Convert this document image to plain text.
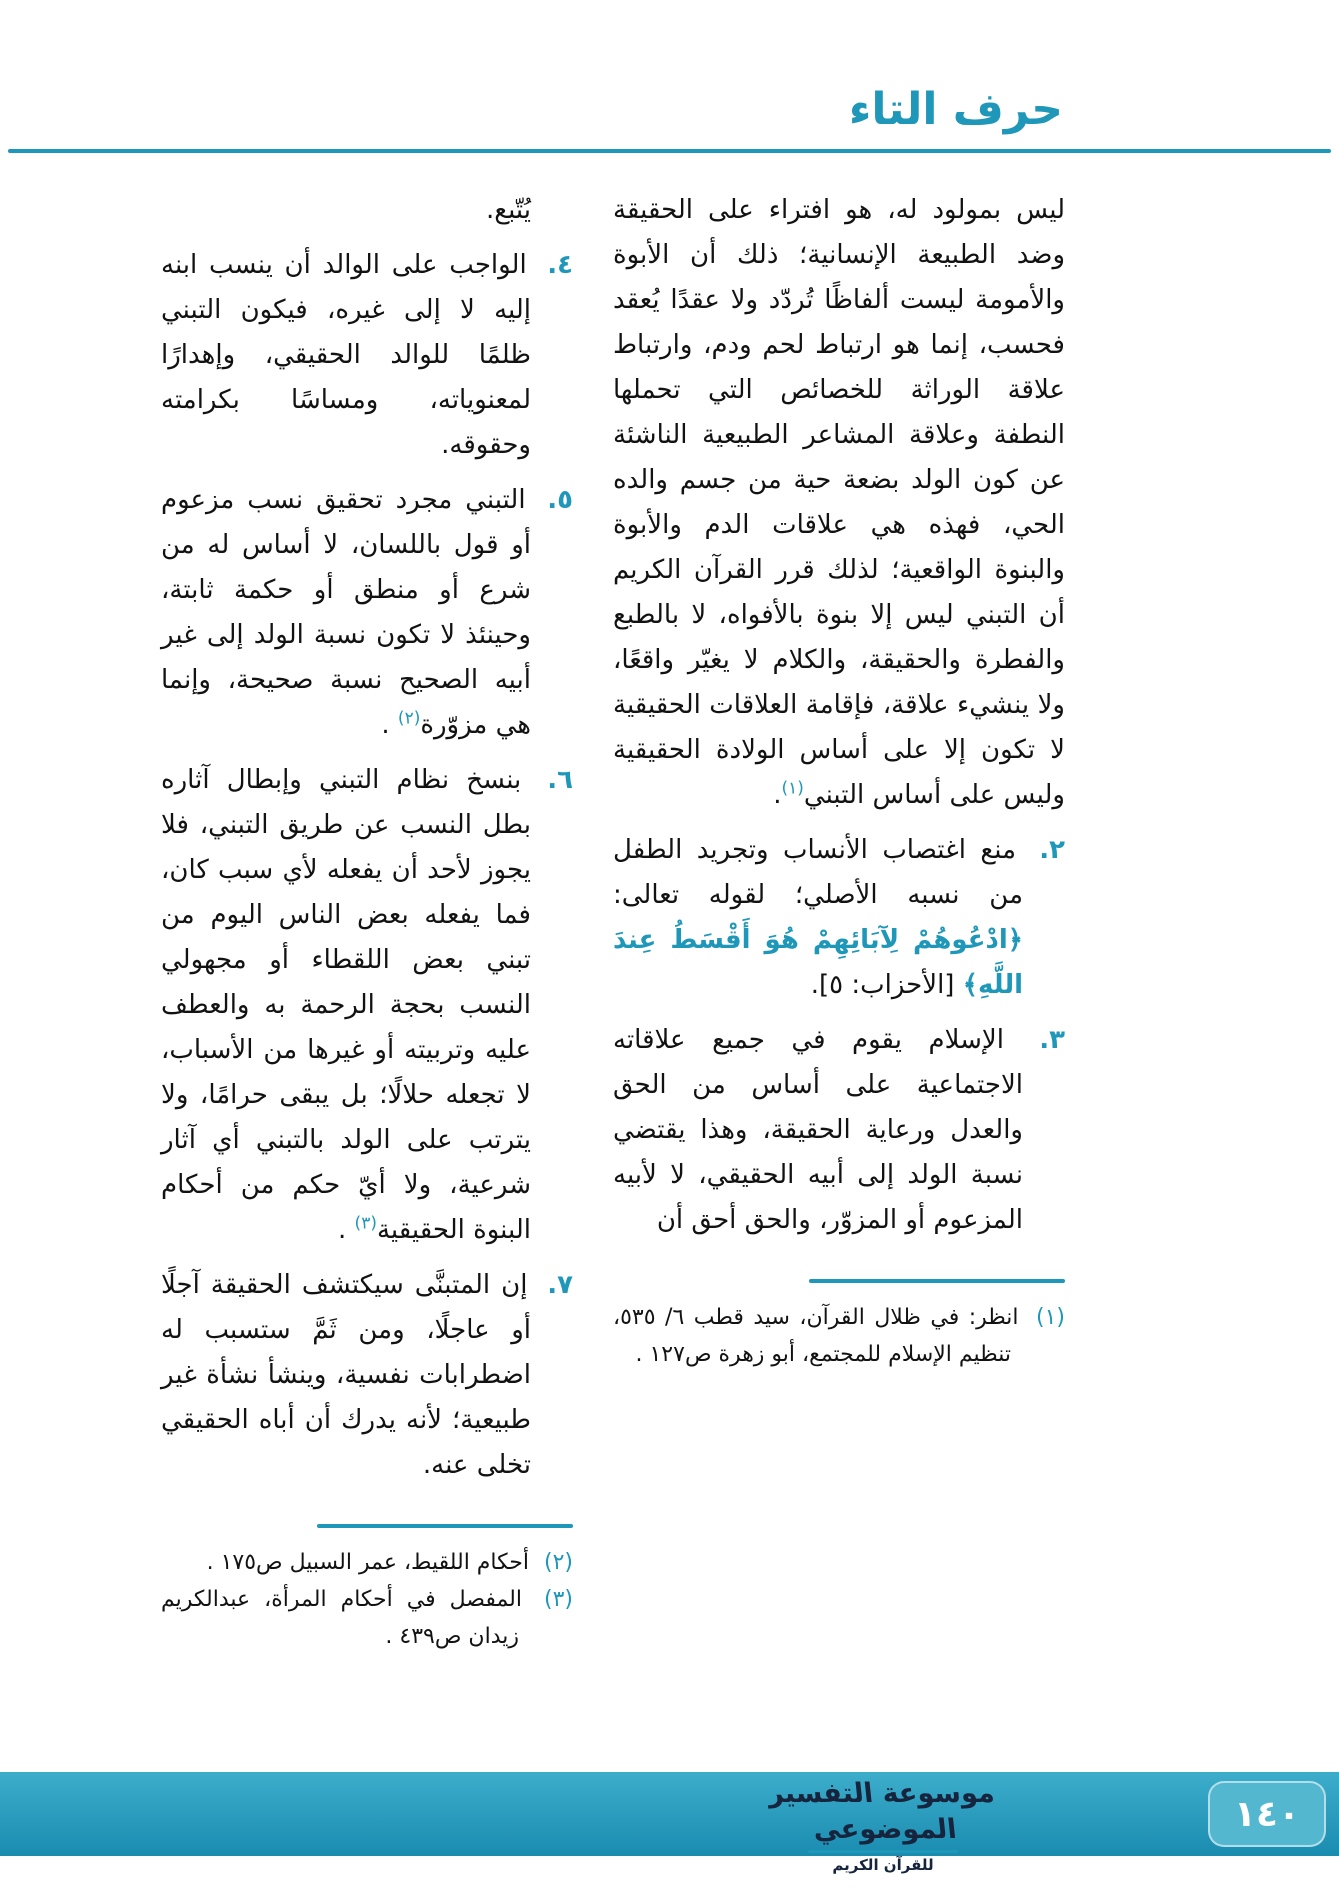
حرف التاء

ليس بمولود له، هو افتراء على الحقيقة وضد الطبيعة الإنسانية؛ ذلك أن الأبوة والأمومة ليست ألفاظًا تُردّد ولا عقدًا يُعقد فحسب، إنما هو ارتباط لحم ودم، وارتباط علاقة الوراثة للخصائص التي تحملها النطفة وعلاقة المشاعر الطبيعية الناشئة عن كون الولد بضعة حية من جسم والده الحي، فهذه هي علاقات الدم والأبوة والبنوة الواقعية؛ لذلك قرر القرآن الكريم أن التبني ليس إلا بنوة بالأفواه، لا بالطبع والفطرة والحقيقة، والكلام لا يغيّر واقعًا، ولا ينشيء علاقة، فإقامة العلاقات الحقيقية لا تكون إلا على أساس الولادة الحقيقية وليس على أساس التبني$^{(١)}$.

٢. منع اغتصاب الأنساب وتجريد الطفل من نسبه الأصلي؛ لقوله تعالى: ﴿ادْعُوهُمْ لِآبَائِهِمْ هُوَ أَقْسَطُ عِندَ اللَّهِ﴾ [الأحزاب: ٥].

٣. الإسلام يقوم في جميع علاقاته الاجتماعية على أساس من الحق والعدل ورعاية الحقيقة، وهذا يقتضي نسبة الولد إلى أبيه الحقيقي، لا لأبيه المزعوم أو المزوّر، والحق أحق أن

(١) انظر: في ظلال القرآن، سيد قطب ٦/ ٥٣٥، تنظيم الإسلام للمجتمع، أبو زهرة ص١٢٧ .

يُتّبع.

٤. الواجب على الوالد أن ينسب ابنه إليه لا إلى غيره، فيكون التبني ظلمًا للوالد الحقيقي، وإهدارًا لمعنوياته، ومساسًا بكرامته وحقوقه.

٥. التبني مجرد تحقيق نسب مزعوم أو قول باللسان، لا أساس له من شرع أو منطق أو حكمة ثابتة، وحينئذ لا تكون نسبة الولد إلى غير أبيه الصحيح نسبة صحيحة، وإنما هي مزوّرة$^{(٢)}$ .

٦. بنسخ نظام التبني وإبطال آثاره بطل النسب عن طريق التبني، فلا يجوز لأحد أن يفعله لأي سبب كان، فما يفعله بعض الناس اليوم من تبني بعض اللقطاء أو مجهولي النسب بحجة الرحمة به والعطف عليه وتربيته أو غيرها من الأسباب، لا تجعله حلالًا؛ بل يبقى حرامًا، ولا يترتب على الولد بالتبني أي آثار شرعية، ولا أيّ حكم من أحكام البنوة الحقيقية$^{(٣)}$ .

٧. إن المتبنَّى سيكتشف الحقيقة آجلًا أو عاجلًا، ومن ثَمَّ ستسبب له اضطرابات نفسية، وينشأ نشأة غير طبيعية؛ لأنه يدرك أن أباه الحقيقي تخلى عنه.

(٢) أحكام اللقيط، عمر السبيل ص١٧٥ .

(٣) المفصل في أحكام المرأة، عبدالكريم زيدان ص٤٣٩ .

١٤٠
موسوعة التفسير الموضوعي
للقرآن الكريم
